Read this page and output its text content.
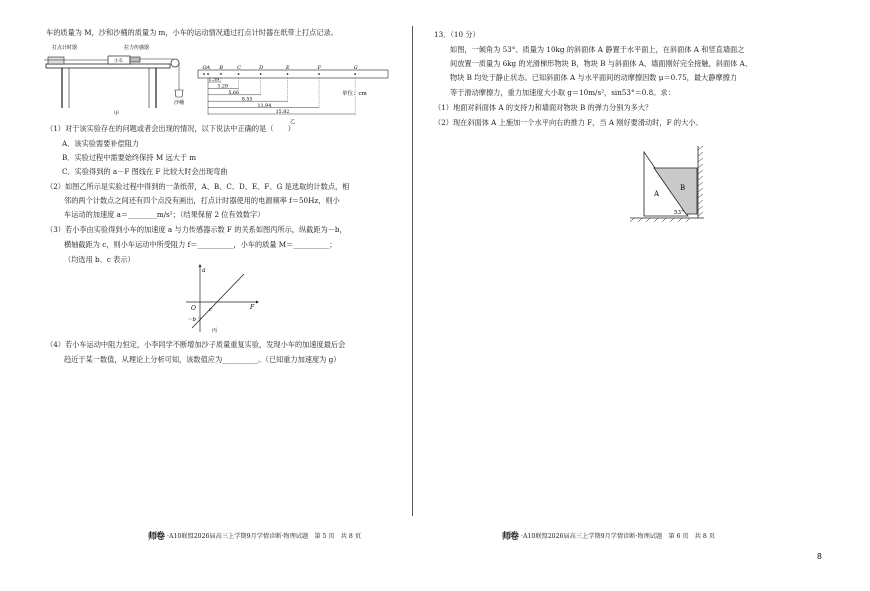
车的质量为 M，沙和沙桶的质量为 m，小车的运动情况通过打点计时器在纸带上打点记录。
打点计时器	拉力传感器
小车
沙桶
甲
O A B	C	D	E	F	G
1.39
3.29
5.66
8.55
11.94
15.82
单位：cm
乙
（1）对于该实验存在的问题或者会出现的情况，以下说法中正确的是（　　）
A．该实验需要补偿阻力
B．实验过程中需要始终保持 M 远大于 m
C．实验得到的 a－F 图线在 F 比较大时会出现弯曲
（2）如图乙所示是实验过程中得到的一条纸带，A、B、C、D、E、F、G 是选取的计数点，相
邻的两个计数点之间还有四个点没有画出，打点计时器使用的电源频率 f＝50Hz，则小
车运动的加速度 a＝________m/s²；（结果保留 2 位有效数字）
（3）若小李由实验得到小车的加速度 a 与力传感器示数 F 的关系如图丙所示，纵截距为－b，
横轴截距为 c，则小车运动中所受阻力 f＝__________，小车的质量 M＝__________；
（均选用 b、c 表示）
a
F
O c
－b
丙
（4）若小车运动中阻力恒定，小李同学不断增加沙子质量重复实验，发现小车的加速度最后会
趋近于某一数值，从理论上分析可知，该数值应为__________。（已知重力加速度为 g）
师卷 ·A10联盟2026届高三上学期9月学情诊断·物理试题　第 5 页　共 8 页
13．（10 分）
如图，一倾角为 53°、质量为 10kg 的斜面体 A 静置于水平面上，在斜面体 A 和竖直墙面之
间放置一质量为 6kg 的光滑梯形物块 B，物块 B 与斜面体 A、墙面刚好完全接触，斜面体 A、
物块 B 均处于静止状态。已知斜面体 A 与水平面间的动摩擦因数 μ＝0.75，最大静摩擦力
等于滑动摩擦力，重力加速度大小取 g＝10m/s²，sin53°＝0.8。求：
（1）地面对斜面体 A 的支持力和墙面对物块 B 的弹力分别为多大？
（2）现在斜面体 A 上施加一个水平向右的推力 F，当 A 刚好要滑动时，F 的大小。
A
B
53°
师卷 ·A10联盟2026届高三上学期9月学情诊断·物理试题　第 6 页　共 8 页
8
